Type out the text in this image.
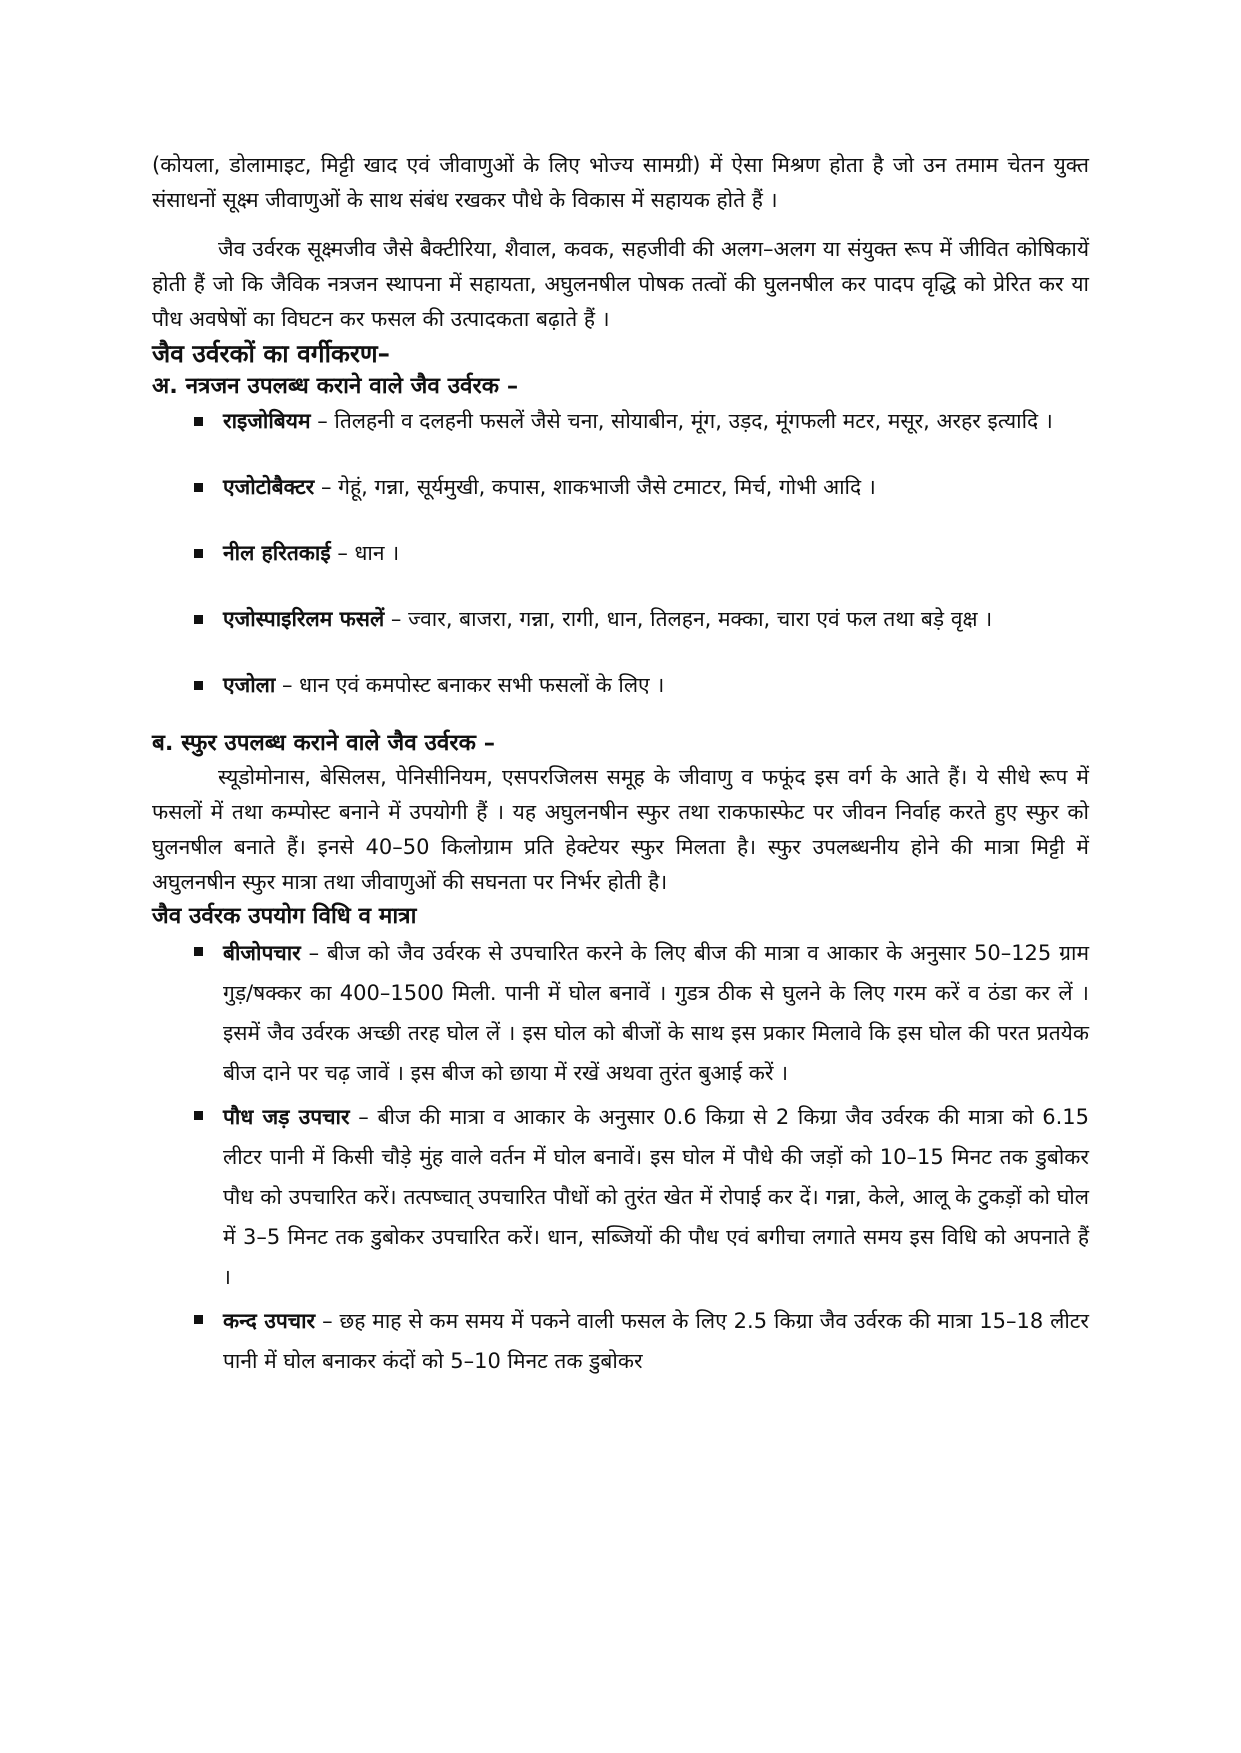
(कोयला, डोलामाइट, मिट्टी खाद एवं जीवाणुओं के लिए भोज्य सामग्री) में ऐसा मिश्रण होता है जो उन तमाम चेतन युक्त संसाधनों सूक्ष्म जीवाणुओं के साथ संबंध रखकर पौधे के विकास में सहायक होते हैं ।

जैव उर्वरक सूक्ष्मजीव जैसे बैक्टीरिया, शैवाल, कवक, सहजीवी की अलग–अलग या संयुक्त रूप में जीवित कोषिकायें होती हैं जो कि जैविक नत्रजन स्थापना में सहायता, अघुलनषील पोषक तत्वों की घुलनषील कर पादप वृद्धि को प्रेरित कर या पौध अवषेषों का विघटन कर फसल की उत्पादकता बढ़ाते हैं ।

जैव उर्वरकों का वर्गीकरण–
अ. नत्रजन उपलब्ध कराने वाले जैव उर्वरक –
राइजोबियम – तिलहनी व दलहनी फसलें जैसे चना, सोयाबीन, मूंग, उड़द, मूंगफली मटर, मसूर, अरहर इत्यादि ।
एजोटोबैक्टर – गेहूं, गन्ना, सूर्यमुखी, कपास, शाकभाजी जैसे टमाटर, मिर्च, गोभी आदि ।
नील हरितकाई – धान ।
एजोस्पाइरिलम फसलें – ज्वार, बाजरा, गन्ना, रागी, धान, तिलहन, मक्का, चारा एवं फल तथा बड़े वृक्ष ।
एजोला – धान एवं कमपोस्ट बनाकर सभी फसलों के लिए ।
ब. स्फुर उपलब्ध कराने वाले जैव उर्वरक –

स्यूडोमोनास, बेसिलस, पेनिसीनियम, एसपरजिलस समूह के जीवाणु व फफूंद इस वर्ग के आते हैं। ये सीधे रूप में फसलों में तथा कम्पोस्ट बनाने में उपयोगी हैं । यह अघुलनषीन स्फुर तथा राकफास्फेट पर जीवन निर्वाह करते हुए स्फुर को घुलनषील बनाते हैं। इनसे 40–50 किलोग्राम प्रति हेक्टेयर स्फुर मिलता है। स्फुर उपलब्धनीय होने की मात्रा मिट्टी में अघुलनषीन स्फुर मात्रा तथा जीवाणुओं की सघनता पर निर्भर होती है।

जैव उर्वरक उपयोग विधि व मात्रा
बीजोपचार – बीज को जैव उर्वरक से उपचारित करने के लिए बीज की मात्रा व आकार के अनुसार 50–125 ग्राम गुड़/षक्कर का 400–1500 मिली. पानी में घोल बनावें । गुडत्र ठीक से घुलने के लिए गरम करें व ठंडा कर लें । इसमें जैव उर्वरक अच्छी तरह घोल लें । इस घोल को बीजों के साथ इस प्रकार मिलावे कि इस घोल की परत प्रतयेक बीज दाने पर चढ़ जावें । इस बीज को छाया में रखें अथवा तुरंत बुआई करें ।
पौध जड़ उपचार – बीज की मात्रा व आकार के अनुसार 0.6 किग्रा से 2 किग्रा जैव उर्वरक की मात्रा को 6.15 लीटर पानी में किसी चौड़े मुंह वाले वर्तन में घोल बनावें। इस घोल में पौधे की जड़ों को 10–15 मिनट तक डुबोकर पौध को उपचारित करें। तत्पष्चात् उपचारित पौधों को तुरंत खेत में रोपाई कर दें। गन्ना, केले, आलू के टुकड़ों को घोल में 3–5 मिनट तक डुबोकर उपचारित करें। धान, सब्जियों की पौध एवं बगीचा लगाते समय इस विधि को अपनाते हैं ।
कन्द उपचार – छह माह से कम समय में पकने वाली फसल के लिए 2.5 किग्रा जैव उर्वरक की मात्रा 15–18 लीटर पानी में घोल बनाकर कंदों को 5–10 मिनट तक डुबोकर
